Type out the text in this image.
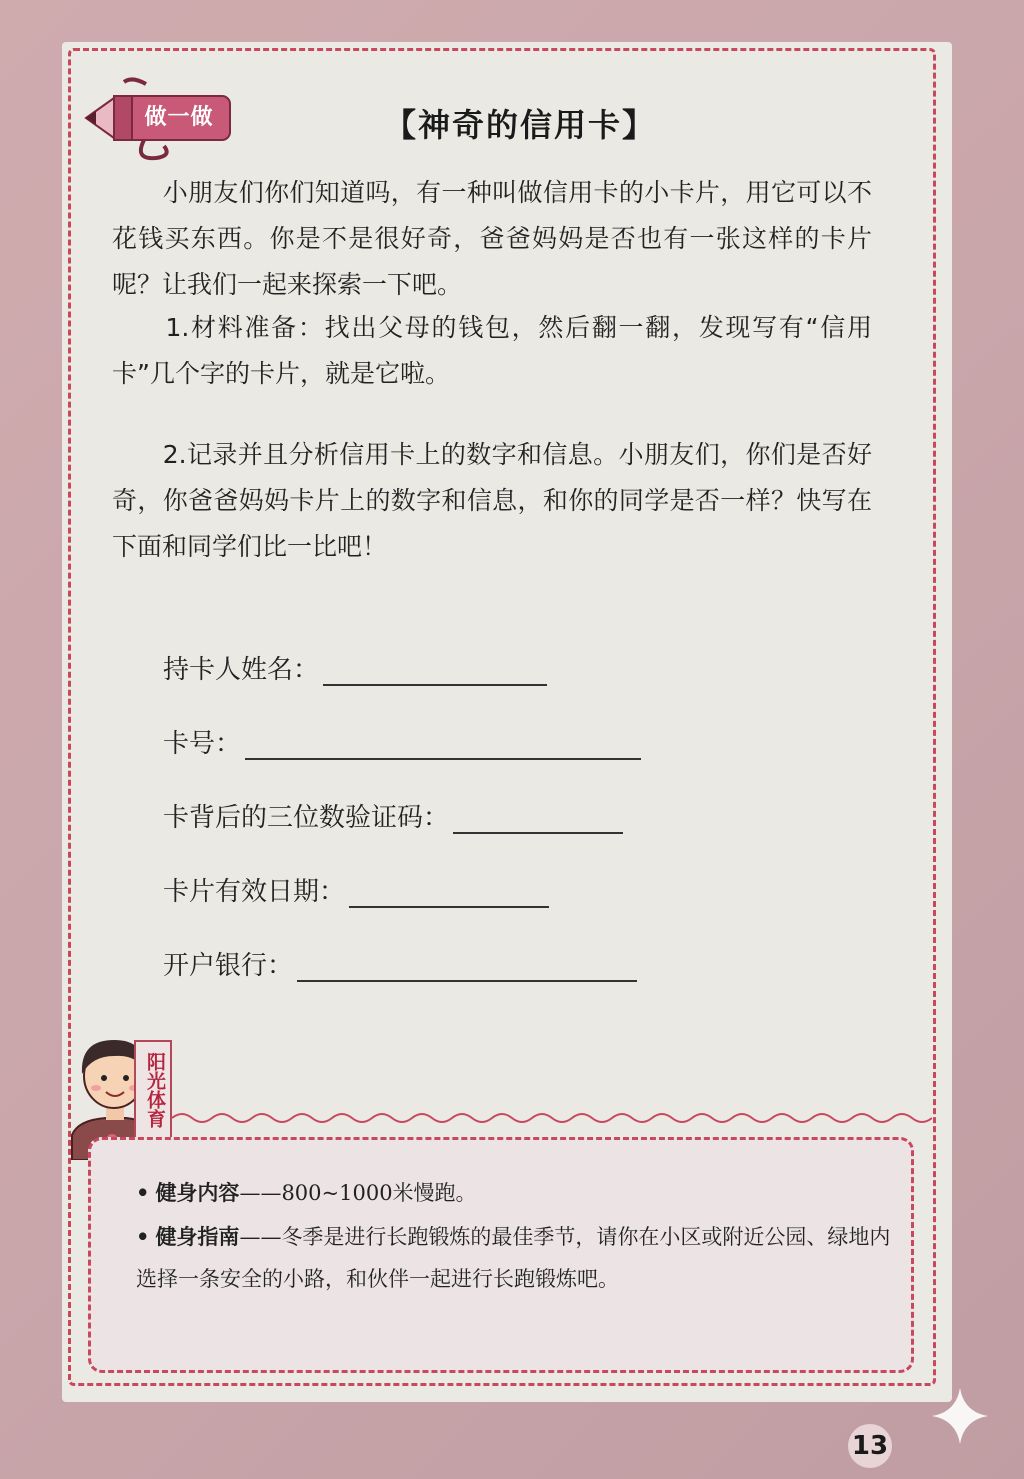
做一做	【神奇的信用卡】
　　小朋友们你们知道吗，有一种叫做信用卡的小卡片，用它可以不花钱买东西。你是不是很好奇，爸爸妈妈是否也有一张这样的卡片呢？让我们一起来探索一下吧。
　　1.材料准备：找出父母的钱包，然后翻一翻，发现写有“信用卡”几个字的卡片，就是它啦。
　　2.记录并且分析信用卡上的数字和信息。小朋友们，你们是否好奇，你爸爸妈妈卡片上的数字和信息，和你的同学是否一样？快写在下面和同学们比一比吧！
持卡人姓名：
卡号：
卡背后的三位数验证码：
卡片有效日期：
开户银行：
阳光体育
• 健身内容——800~1000米慢跑。
• 健身指南——冬季是进行长跑锻炼的最佳季节，请你在小区或附近公园、绿地内选择一条安全的小路，和伙伴一起进行长跑锻炼吧。
13
